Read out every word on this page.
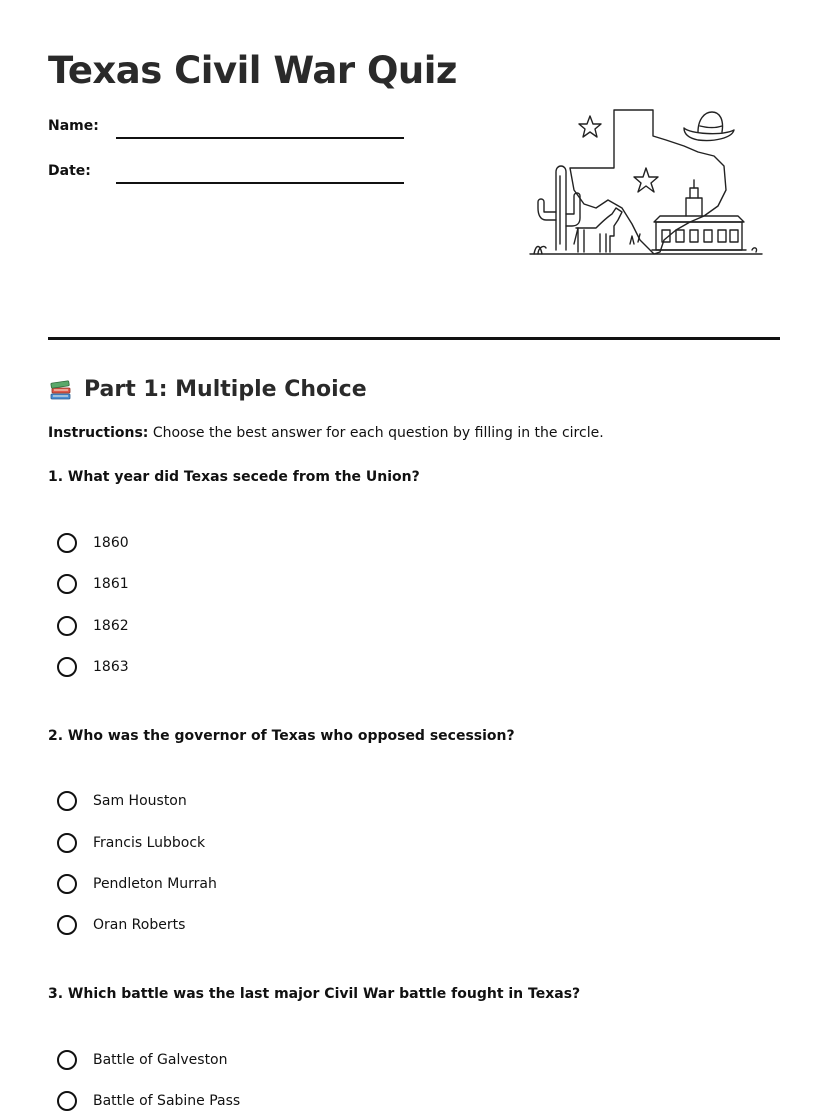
Texas Civil War Quiz
Name:
Date:
Part 1: Multiple Choice
Instructions: Choose the best answer for each question by filling in the circle.
1. What year did Texas secede from the Union?
1860
1861
1862
1863
2. Who was the governor of Texas who opposed secession?
Sam Houston
Francis Lubbock
Pendleton Murrah
Oran Roberts
3. Which battle was the last major Civil War battle fought in Texas?
Battle of Galveston
Battle of Sabine Pass
